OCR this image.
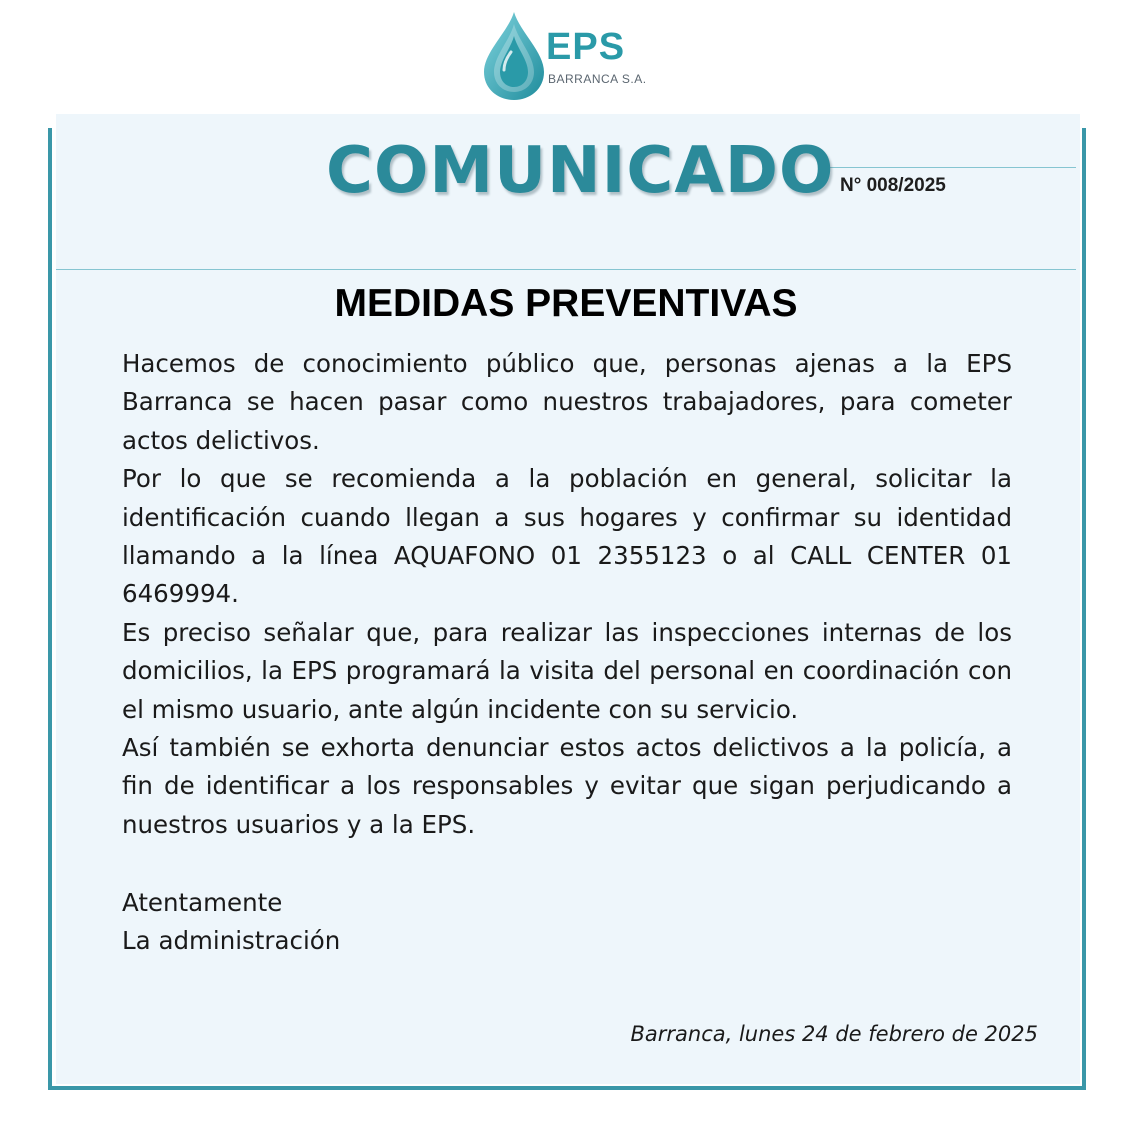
EPS
BARRANCA S.A.
COMUNICADO N° 008/2025
MEDIDAS PREVENTIVAS

Hacemos de conocimiento público que, personas ajenas a la EPS Barranca se hacen pasar como nuestros trabajadores, para cometer actos delictivos.

Por lo que se recomienda a la población en general, solicitar la identificación cuando llegan a sus hogares y confirmar su identidad llamando a la línea AQUAFONO 01 2355123 o al CALL CENTER 01 6469994.

Es preciso señalar que, para realizar las inspecciones internas de los domicilios, la EPS programará la visita del personal en coordinación con el mismo usuario, ante algún incidente con su servicio.

Así también se exhorta denunciar estos actos delictivos a la policía, a fin de identificar a los responsables y evitar que sigan perjudicando a nuestros usuarios y a la EPS.

Atentamente
La administración
Barranca, lunes 24 de febrero de 2025
